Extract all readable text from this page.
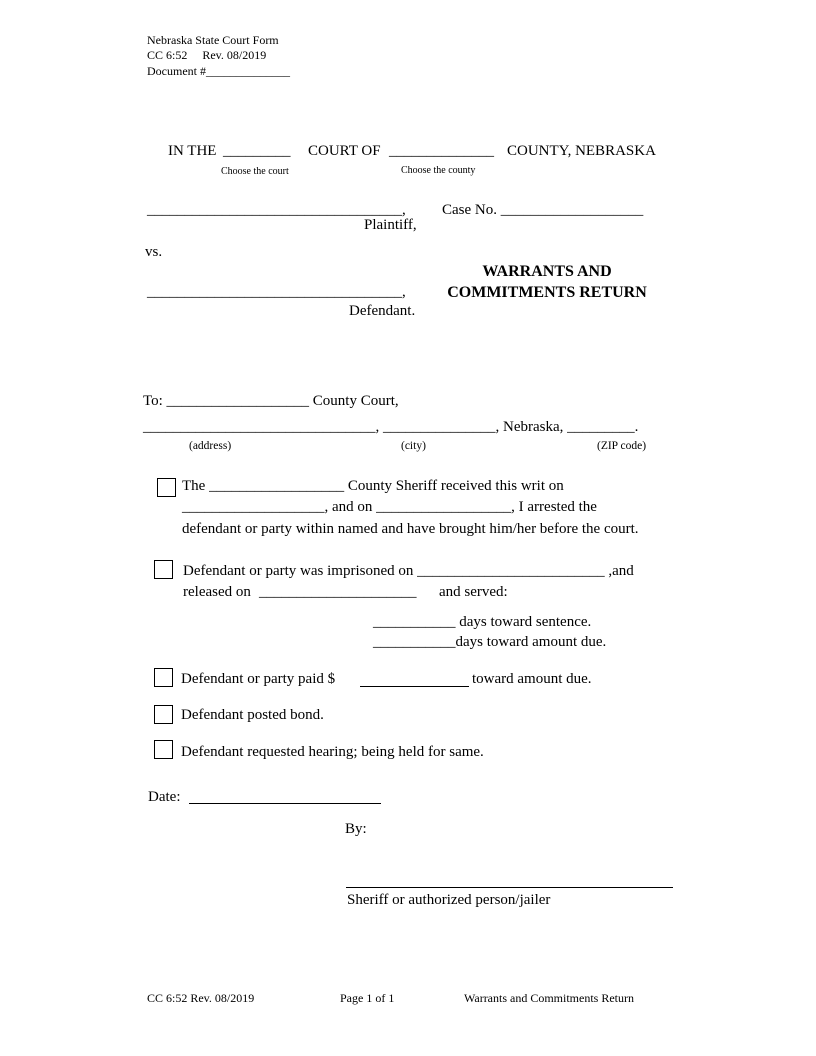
Nebraska State Court Form
CC 6:52     Rev. 08/2019
Document #______________
IN THE _________ COURT OF ______________ COUNTY, NEBRASKA
Choose the court	Choose the county
__________________________________,
Plaintiff,
Case No. ___________________
vs.
WARRANTS AND
COMMITMENTS RETURN
__________________________________,
Defendant.
To: ___________________ County Court,
_______________________________, _______________, Nebraska, _________.
(address)	(city)	(ZIP code)
The __________________ County Sheriff received this writ on
___________________, and on __________________, I arrested the
defendant or party within named and have brought him/her before the court.
Defendant or party was imprisoned on _________________________ ,and
released on _____________________ and served:
___________ days toward sentence.
___________days toward amount due.
Defendant or party paid $	toward amount due.
Defendant posted bond.
Defendant requested hearing; being held for same.
Date:
By:
Sheriff or authorized person/jailer
CC 6:52 Rev. 08/2019	Page 1 of 1	Warrants and Commitments Return
